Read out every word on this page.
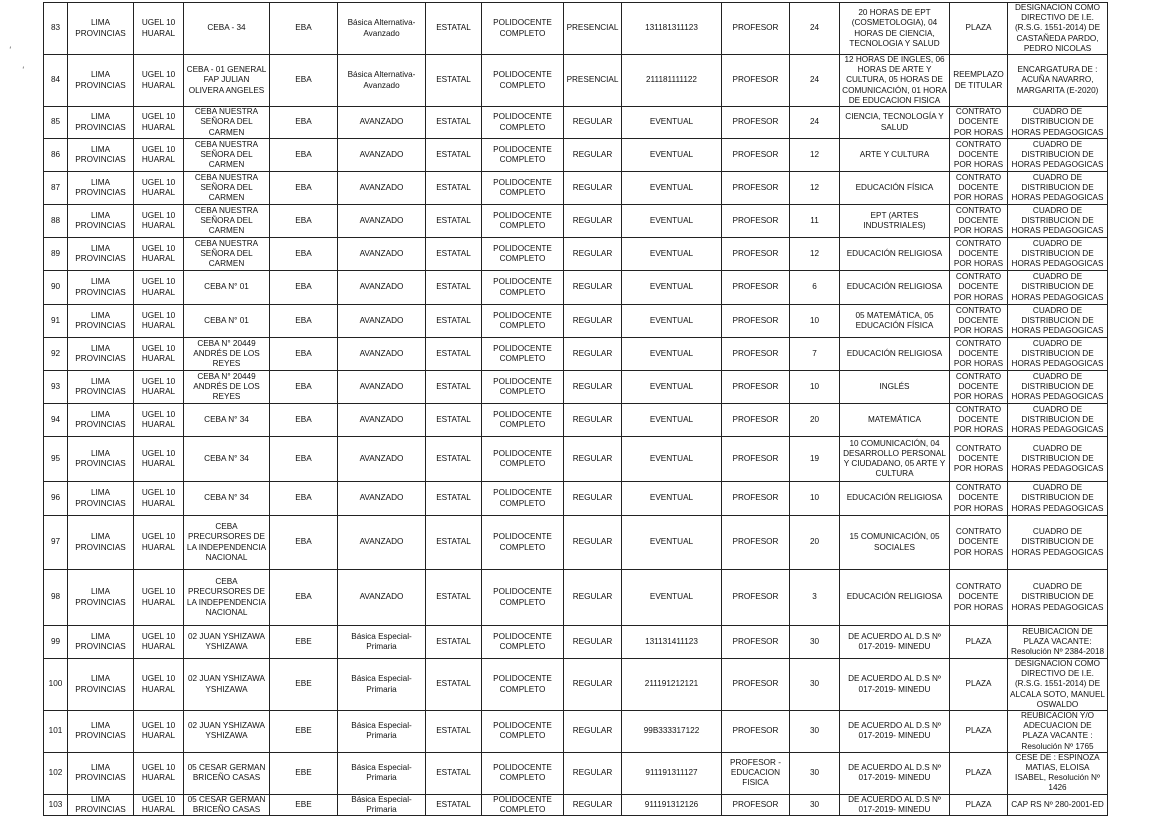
ʻ
ʻ
83	LIMA PROVINCIAS	UGEL 10 HUARAL	CEBA - 34	EBA	Básica Alternativa-Avanzado	ESTATAL	POLIDOCENTE COMPLETO	PRESENCIAL	131181311123	PROFESOR	24	20 HORAS DE EPT (COSMETOLOGIA), 04 HORAS DE CIENCIA, TECNOLOGIA Y SALUD	PLAZA	DESIGNACION COMO DIRECTIVO DE I.E. (R.S.G. 1551-2014) DE CASTAÑEDA PARDO, PEDRO NICOLAS
84	LIMA PROVINCIAS	UGEL 10 HUARAL	CEBA - 01 GENERAL FAP JULIAN OLIVERA ANGELES	EBA	Básica Alternativa-Avanzado	ESTATAL	POLIDOCENTE COMPLETO	PRESENCIAL	211181111122	PROFESOR	24	12 HORAS DE INGLES, 06 HORAS DE ARTE Y CULTURA, 05 HORAS DE COMUNICACIÓN, 01 HORA DE EDUCACION FISICA	REEMPLAZO DE TITULAR	ENCARGATURA DE : ACUÑA NAVARRO, MARGARITA (E-2020)
85	LIMA PROVINCIAS	UGEL 10 HUARAL	CEBA NUESTRA SEÑORA DEL CARMEN	EBA	AVANZADO	ESTATAL	POLIDOCENTE COMPLETO	REGULAR	EVENTUAL	PROFESOR	24	CIENCIA, TECNOLOGÍA Y SALUD	CONTRATO DOCENTE POR HORAS	CUADRO DE DISTRIBUCION DE HORAS PEDAGOGICAS
86	LIMA PROVINCIAS	UGEL 10 HUARAL	CEBA NUESTRA SEÑORA DEL CARMEN	EBA	AVANZADO	ESTATAL	POLIDOCENTE COMPLETO	REGULAR	EVENTUAL	PROFESOR	12	ARTE Y CULTURA	CONTRATO DOCENTE POR HORAS	CUADRO DE DISTRIBUCION DE HORAS PEDAGOGICAS
87	LIMA PROVINCIAS	UGEL 10 HUARAL	CEBA NUESTRA SEÑORA DEL CARMEN	EBA	AVANZADO	ESTATAL	POLIDOCENTE COMPLETO	REGULAR	EVENTUAL	PROFESOR	12	EDUCACIÓN FÍSICA	CONTRATO DOCENTE POR HORAS	CUADRO DE DISTRIBUCION DE HORAS PEDAGOGICAS
88	LIMA PROVINCIAS	UGEL 10 HUARAL	CEBA NUESTRA SEÑORA DEL CARMEN	EBA	AVANZADO	ESTATAL	POLIDOCENTE COMPLETO	REGULAR	EVENTUAL	PROFESOR	11	EPT (ARTES INDUSTRIALES)	CONTRATO DOCENTE POR HORAS	CUADRO DE DISTRIBUCION DE HORAS PEDAGOGICAS
89	LIMA PROVINCIAS	UGEL 10 HUARAL	CEBA NUESTRA SEÑORA DEL CARMEN	EBA	AVANZADO	ESTATAL	POLIDOCENTE COMPLETO	REGULAR	EVENTUAL	PROFESOR	12	EDUCACIÓN RELIGIOSA	CONTRATO DOCENTE POR HORAS	CUADRO DE DISTRIBUCION DE HORAS PEDAGOGICAS
90	LIMA PROVINCIAS	UGEL 10 HUARAL	CEBA N° 01	EBA	AVANZADO	ESTATAL	POLIDOCENTE COMPLETO	REGULAR	EVENTUAL	PROFESOR	6	EDUCACIÓN RELIGIOSA	CONTRATO DOCENTE POR HORAS	CUADRO DE DISTRIBUCION DE HORAS PEDAGOGICAS
91	LIMA PROVINCIAS	UGEL 10 HUARAL	CEBA N° 01	EBA	AVANZADO	ESTATAL	POLIDOCENTE COMPLETO	REGULAR	EVENTUAL	PROFESOR	10	05 MATEMÁTICA, 05 EDUCACIÓN FÍSICA	CONTRATO DOCENTE POR HORAS	CUADRO DE DISTRIBUCION DE HORAS PEDAGOGICAS
92	LIMA PROVINCIAS	UGEL 10 HUARAL	CEBA N° 20449 ANDRÉS DE LOS REYES	EBA	AVANZADO	ESTATAL	POLIDOCENTE COMPLETO	REGULAR	EVENTUAL	PROFESOR	7	EDUCACIÓN RELIGIOSA	CONTRATO DOCENTE POR HORAS	CUADRO DE DISTRIBUCION DE HORAS PEDAGOGICAS
93	LIMA PROVINCIAS	UGEL 10 HUARAL	CEBA N° 20449 ANDRÉS DE LOS REYES	EBA	AVANZADO	ESTATAL	POLIDOCENTE COMPLETO	REGULAR	EVENTUAL	PROFESOR	10	INGLÉS	CONTRATO DOCENTE POR HORAS	CUADRO DE DISTRIBUCION DE HORAS PEDAGOGICAS
94	LIMA PROVINCIAS	UGEL 10 HUARAL	CEBA N° 34	EBA	AVANZADO	ESTATAL	POLIDOCENTE COMPLETO	REGULAR	EVENTUAL	PROFESOR	20	MATEMÁTICA	CONTRATO DOCENTE POR HORAS	CUADRO DE DISTRIBUCION DE HORAS PEDAGOGICAS
95	LIMA PROVINCIAS	UGEL 10 HUARAL	CEBA N° 34	EBA	AVANZADO	ESTATAL	POLIDOCENTE COMPLETO	REGULAR	EVENTUAL	PROFESOR	19	10 COMUNICACIÓN, 04 DESARROLLO PERSONAL Y CIUDADANO, 05 ARTE Y CULTURA	CONTRATO DOCENTE POR HORAS	CUADRO DE DISTRIBUCION DE HORAS PEDAGOGICAS
96	LIMA PROVINCIAS	UGEL 10 HUARAL	CEBA N° 34	EBA	AVANZADO	ESTATAL	POLIDOCENTE COMPLETO	REGULAR	EVENTUAL	PROFESOR	10	EDUCACIÓN RELIGIOSA	CONTRATO DOCENTE POR HORAS	CUADRO DE DISTRIBUCION DE HORAS PEDAGOGICAS
97	LIMA PROVINCIAS	UGEL 10 HUARAL	CEBA PRECURSORES DE LA INDEPENDENCIA NACIONAL	EBA	AVANZADO	ESTATAL	POLIDOCENTE COMPLETO	REGULAR	EVENTUAL	PROFESOR	20	15 COMUNICACIÓN, 05 SOCIALES	CONTRATO DOCENTE POR HORAS	CUADRO DE DISTRIBUCION DE HORAS PEDAGOGICAS
98	LIMA PROVINCIAS	UGEL 10 HUARAL	CEBA PRECURSORES DE LA INDEPENDENCIA NACIONAL	EBA	AVANZADO	ESTATAL	POLIDOCENTE COMPLETO	REGULAR	EVENTUAL	PROFESOR	3	EDUCACIÓN RELIGIOSA	CONTRATO DOCENTE POR HORAS	CUADRO DE DISTRIBUCION DE HORAS PEDAGOGICAS
99	LIMA PROVINCIAS	UGEL 10 HUARAL	02 JUAN YSHIZAWA YSHIZAWA	EBE	Básica Especial-Primaria	ESTATAL	POLIDOCENTE COMPLETO	REGULAR	131131411123	PROFESOR	30	DE ACUERDO AL D.S Nº 017-2019- MINEDU	PLAZA	REUBICACION DE PLAZA VACANTE: Resolución Nº 2384-2018
100	LIMA PROVINCIAS	UGEL 10 HUARAL	02 JUAN YSHIZAWA YSHIZAWA	EBE	Básica Especial-Primaria	ESTATAL	POLIDOCENTE COMPLETO	REGULAR	211191212121	PROFESOR	30	DE ACUERDO AL D.S Nº 017-2019- MINEDU	PLAZA	DESIGNACION COMO DIRECTIVO DE I.E. (R.S.G. 1551-2014) DE ALCALA SOTO, MANUEL OSWALDO
101	LIMA PROVINCIAS	UGEL 10 HUARAL	02 JUAN YSHIZAWA YSHIZAWA	EBE	Básica Especial-Primaria	ESTATAL	POLIDOCENTE COMPLETO	REGULAR	99B333317122	PROFESOR	30	DE ACUERDO AL D.S Nº 017-2019- MINEDU	PLAZA	REUBICACION Y/O ADECUACION DE PLAZA VACANTE : Resolución Nº 1765
102	LIMA PROVINCIAS	UGEL 10 HUARAL	05 CESAR GERMAN BRICEÑO CASAS	EBE	Básica Especial-Primaria	ESTATAL	POLIDOCENTE COMPLETO	REGULAR	911191311127	PROFESOR - EDUCACION FISICA	30	DE ACUERDO AL D.S Nº 017-2019- MINEDU	PLAZA	CESE DE : ESPINOZA MATIAS, ELOISA ISABEL, Resolución Nº 1426
103	LIMA PROVINCIAS	UGEL 10 HUARAL	05 CESAR GERMAN BRICEÑO CASAS	EBE	Básica Especial-Primaria	ESTATAL	POLIDOCENTE COMPLETO	REGULAR	911191312126	PROFESOR	30	DE ACUERDO AL D.S Nº 017-2019- MINEDU	PLAZA	CAP RS Nº 280-2001-ED
